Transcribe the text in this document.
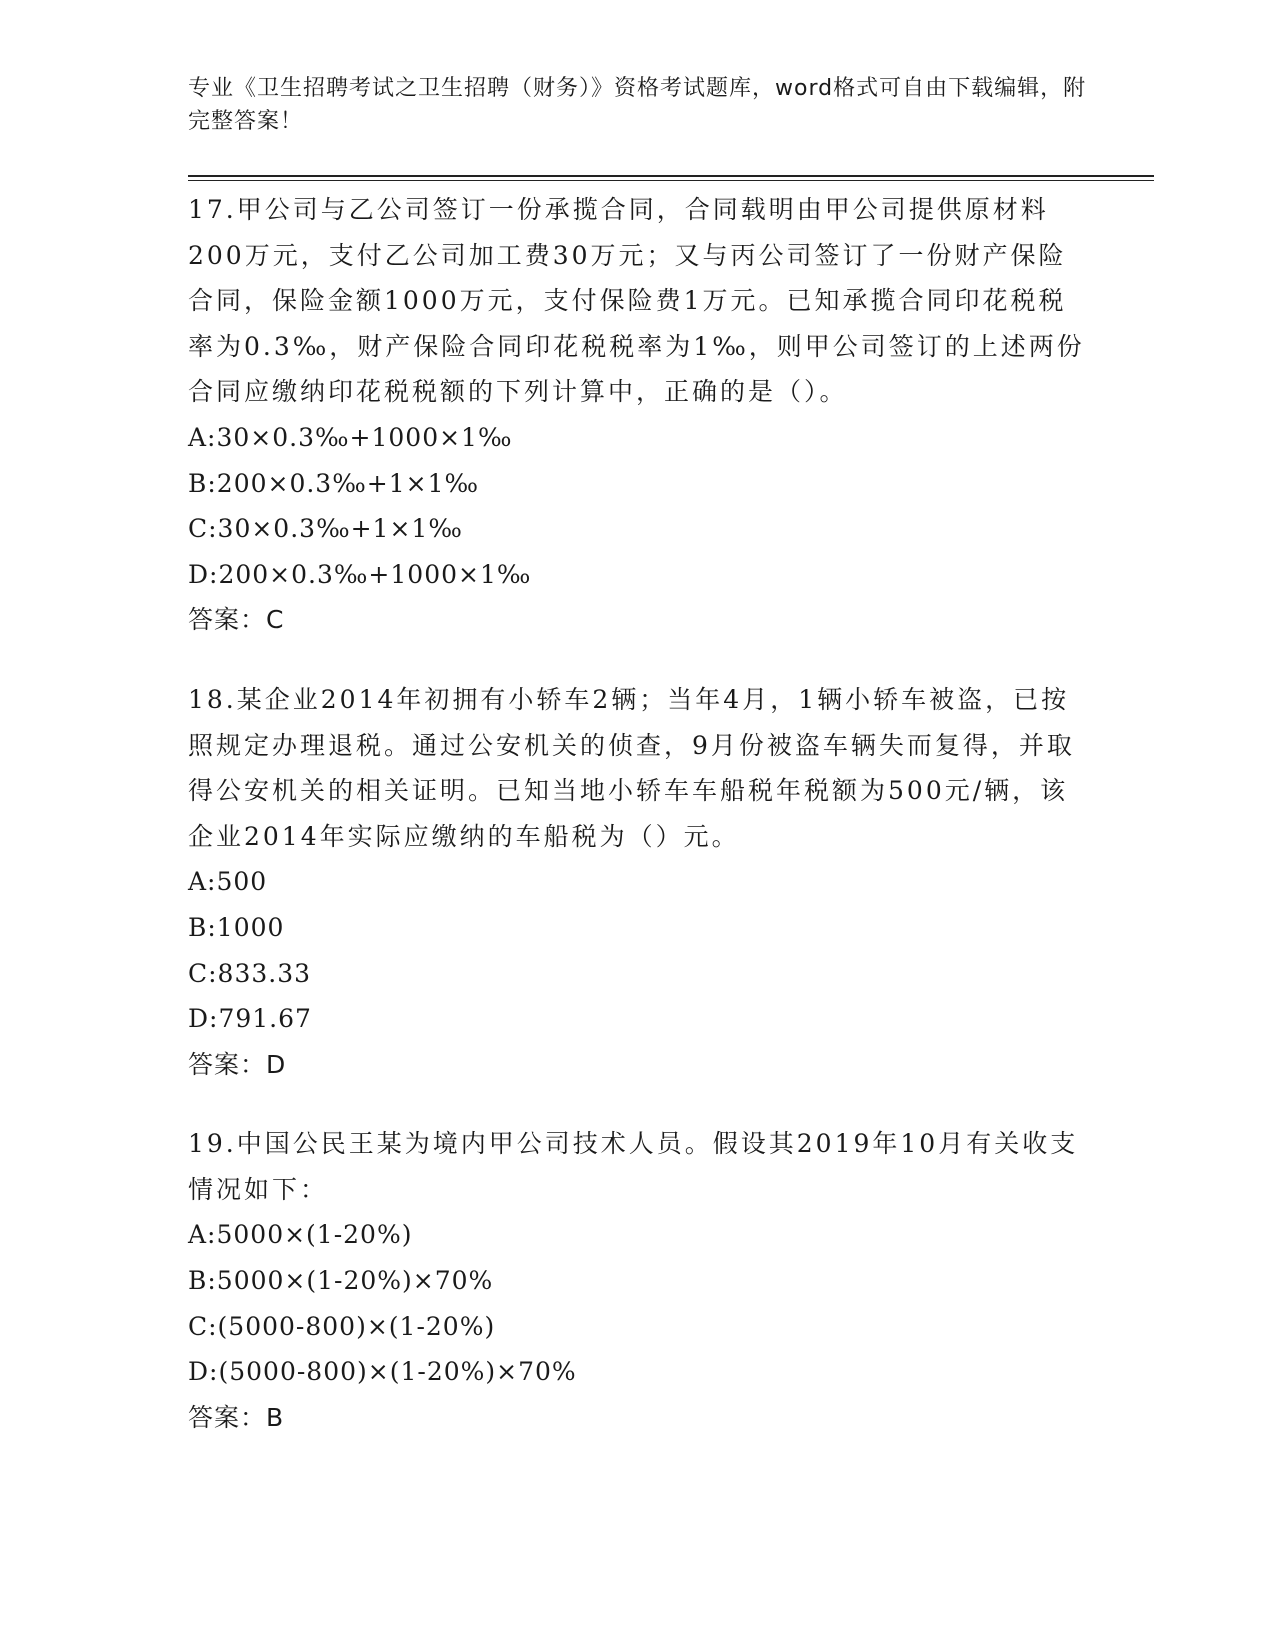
专业《卫生招聘考试之卫生招聘（财务）》资格考试题库，word格式可自由下载编辑，附完整答案！

17.甲公司与乙公司签订一份承揽合同，合同载明由甲公司提供原材料200万元，支付乙公司加工费30万元；又与丙公司签订了一份财产保险合同，保险金额1000万元，支付保险费1万元。已知承揽合同印花税税率为0.3‰，财产保险合同印花税税率为1‰，则甲公司签订的上述两份合同应缴纳印花税税额的下列计算中，正确的是（）。

A:30×0.3‰+1000×1‰
B:200×0.3‰+1×1‰
C:30×0.3‰+1×1‰
D:200×0.3‰+1000×1‰
答案：C

18.某企业2014年初拥有小轿车2辆；当年4月，1辆小轿车被盗，已按照规定办理退税。通过公安机关的侦查，9月份被盗车辆失而复得，并取得公安机关的相关证明。已知当地小轿车车船税年税额为500元/辆，该企业2014年实际应缴纳的车船税为（）元。

A:500
B:1000
C:833.33
D:791.67
答案：D

19.中国公民王某为境内甲公司技术人员。假设其2019年10月有关收支情况如下：

A:5000×(1-20%)
B:5000×(1-20%)×70%
C:(5000-800)×(1-20%)
D:(5000-800)×(1-20%)×70%
答案：B
